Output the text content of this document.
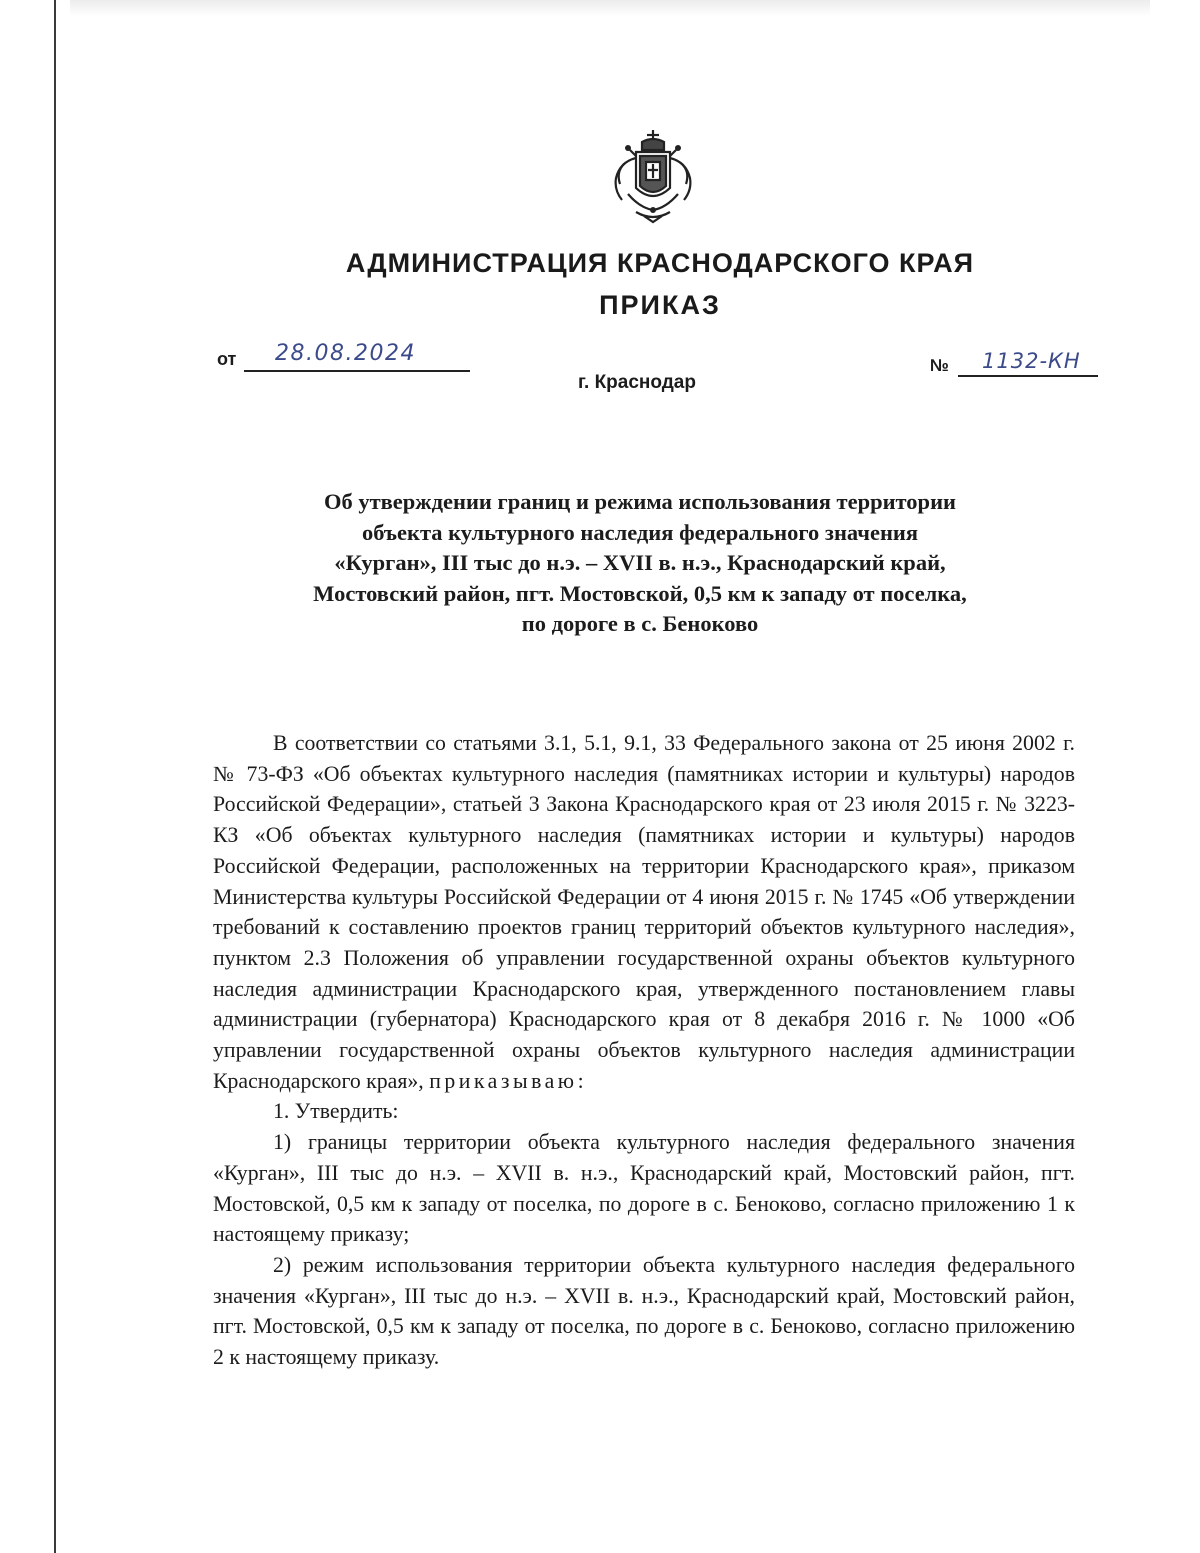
АДМИНИСТРАЦИЯ КРАСНОДАРСКОГО КРАЯ
ПРИКАЗ
от 28.08.2024
г. Краснодар
№ 1132-КН
Об утверждении границ и режима использования территории
объекта культурного наследия федерального значения
«Курган», III тыс до н.э. – XVII в. н.э., Краснодарский край,
Мостовский район, пгт. Мостовской, 0,5 км к западу от поселка,
по дороге в с. Беноково

В соответствии со статьями 3.1, 5.1, 9.1, 33 Федерального закона от 25 июня 2002 г. № 73-ФЗ «Об объектах культурного наследия (памятниках истории и культуры) народов Российской Федерации», статьей 3 Закона Краснодарского края от 23 июля 2015 г. № 3223-КЗ «Об объектах культурного наследия (памятниках истории и культуры) народов Российской Федерации, расположенных на территории Краснодарского края», приказом Министерства культуры Российской Федерации от 4 июня 2015 г. № 1745 «Об утверждении требований к составлению проектов границ территорий объектов культурного наследия», пунктом 2.3 Положения об управлении государственной охраны объектов культурного наследия администрации Краснодарского края, утвержденного постановлением главы администрации (губернатора) Краснодарского края от 8 декабря 2016 г. № 1000 «Об управлении государственной охраны объектов культурного наследия администрации Краснодарского края», приказываю:

1. Утвердить:

1) границы территории объекта культурного наследия федерального значения «Курган», III тыс до н.э. – XVII в. н.э., Краснодарский край, Мостовский район, пгт. Мостовской, 0,5 км к западу от поселка, по дороге в с. Беноково, согласно приложению 1 к настоящему приказу;

2) режим использования территории объекта культурного наследия федерального значения «Курган», III тыс до н.э. – XVII в. н.э., Краснодарский край, Мостовский район, пгт. Мостовской, 0,5 км к западу от поселка, по дороге в с. Беноково, согласно приложению 2 к настоящему приказу.
